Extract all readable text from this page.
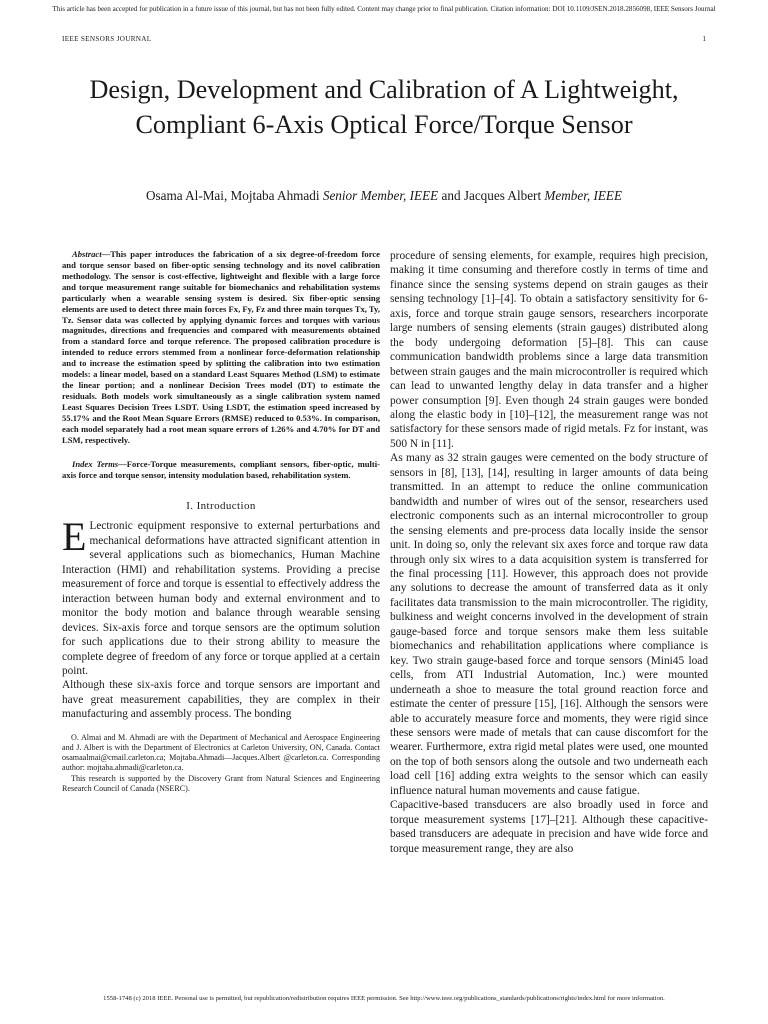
This article has been accepted for publication in a future issue of this journal, but has not been fully edited. Content may change prior to final publication. Citation information: DOI 10.1109/JSEN.2018.2856098, IEEE Sensors Journal
IEEE SENSORS JOURNAL	1
Design, Development and Calibration of A Lightweight, Compliant 6-Axis Optical Force/Torque Sensor
Osama Al-Mai, Mojtaba Ahmadi Senior Member, IEEE and Jacques Albert Member, IEEE

Abstract—This paper introduces the fabrication of a six degree-of-freedom force and torque sensor based on fiber-optic sensing technology and its novel calibration methodology. The sensor is cost-effective, lightweight and flexible with a large force and torque measurement range suitable for biomechanics and rehabilitation systems particularly when a wearable sensing system is desired. Six fiber-optic sensing elements are used to detect three main forces Fx, Fy, Fz and three main torques Tx, Ty, Tz. Sensor data was collected by applying dynamic forces and torques with various magnitudes, directions and frequencies and compared with measurements obtained from a standard force and torque reference. The proposed calibration procedure is intended to reduce errors stemmed from a nonlinear force-deformation relationship and to increase the estimation speed by splitting the calibration into two estimation models: a linear model, based on a standard Least Squares Method (LSM) to estimate the linear portion; and a nonlinear Decision Trees model (DT) to estimate the residuals. Both models work simultaneously as a single calibration system named Least Squares Decision Trees LSDT. Using LSDT, the estimation speed increased by 55.17% and the Root Mean Square Errors (RMSE) reduced to 0.53%. In comparison, each model separately had a root mean square errors of 1.26% and 4.70% for DT and LSM, respectively.

Index Terms—Force-Torque measurements, compliant sensors, fiber-optic, multi-axis force and torque sensor, intensity modulation based, rehabilitation system.

I. Introduction

E Lectronic equipment responsive to external perturbations and mechanical deformations have attracted significant attention in several applications such as biomechanics, Human Machine Interaction (HMI) and rehabilitation systems. Providing a precise measurement of force and torque is essential to effectively address the interaction between human body and external environment and to monitor the body motion and balance through wearable sensing devices. Six-axis force and torque sensors are the optimum solution for such applications due to their strong ability to measure the complete degree of freedom of any force or torque applied at a certain point.

Although these six-axis force and torque sensors are important and have great measurement capabilities, they are complex in their manufacturing and assembly process. The bonding

O. Almai and M. Ahmadi are with the Department of Mechanical and Aerospace Engineering and J. Albert is with the Department of Electronics at Carleton University, ON, Canada. Contact osamaalmai@cmail.carleton.ca; Mojtaba.Ahmadi—Jacques.Albert @carleton.ca. Corresponding author: mojtaba.ahmadi@carleton.ca.

This research is supported by the Discovery Grant from Natural Sciences and Engineering Research Council of Canada (NSERC).

procedure of sensing elements, for example, requires high precision, making it time consuming and therefore costly in terms of time and finance since the sensing systems depend on strain gauges as their sensing technology [1]–[4]. To obtain a satisfactory sensitivity for 6-axis, force and torque strain gauge sensors, researchers incorporate large numbers of sensing elements (strain gauges) distributed along the body undergoing deformation [5]–[8]. This can cause communication bandwidth problems since a large data transmition between strain gauges and the main microcontroller is required which can lead to unwanted lengthy delay in data transfer and a higher power consumption [9]. Even though 24 strain gauges were bonded along the elastic body in [10]–[12], the measurement range was not satisfactory for these sensors made of rigid metals. Fz for instant, was 500 N in [11].

As many as 32 strain gauges were cemented on the body structure of sensors in [8], [13], [14], resulting in larger amounts of data being transmitted. In an attempt to reduce the online communication bandwidth and number of wires out of the sensor, researchers used electronic components such as an internal microcontroller to group the sensing elements and pre-process data locally inside the sensor unit. In doing so, only the relevant six axes force and torque raw data through only six wires to a data acquisition system is transferred for the final processing [11]. However, this approach does not provide any solutions to decrease the amount of transferred data as it only facilitates data transmission to the main microcontroller. The rigidity, bulkiness and weight concerns involved in the development of strain gauge-based force and torque sensors make them less suitable biomechanics and rehabilitation applications where compliance is key. Two strain gauge-based force and torque sensors (Mini45 load cells, from ATI Industrial Automation, Inc.) were mounted underneath a shoe to measure the total ground reaction force and estimate the center of pressure [15], [16]. Although the sensors were able to accurately measure force and moments, they were rigid since these sensors were made of metals that can cause discomfort for the wearer. Furthermore, extra rigid metal plates were used, one mounted on the top of both sensors along the outsole and two underneath each load cell [16] adding extra weights to the sensor which can easily influence natural human movements and cause fatigue.

Capacitive-based transducers are also broadly used in force and torque measurement systems [17]–[21]. Although these capacitive-based transducers are adequate in precision and have wide force and torque measurement range, they are also

1558-1748 (c) 2018 IEEE. Personal use is permitted, but republication/redistribution requires IEEE permission. See http://www.ieee.org/publications_standards/publications/rights/index.html for more information.
